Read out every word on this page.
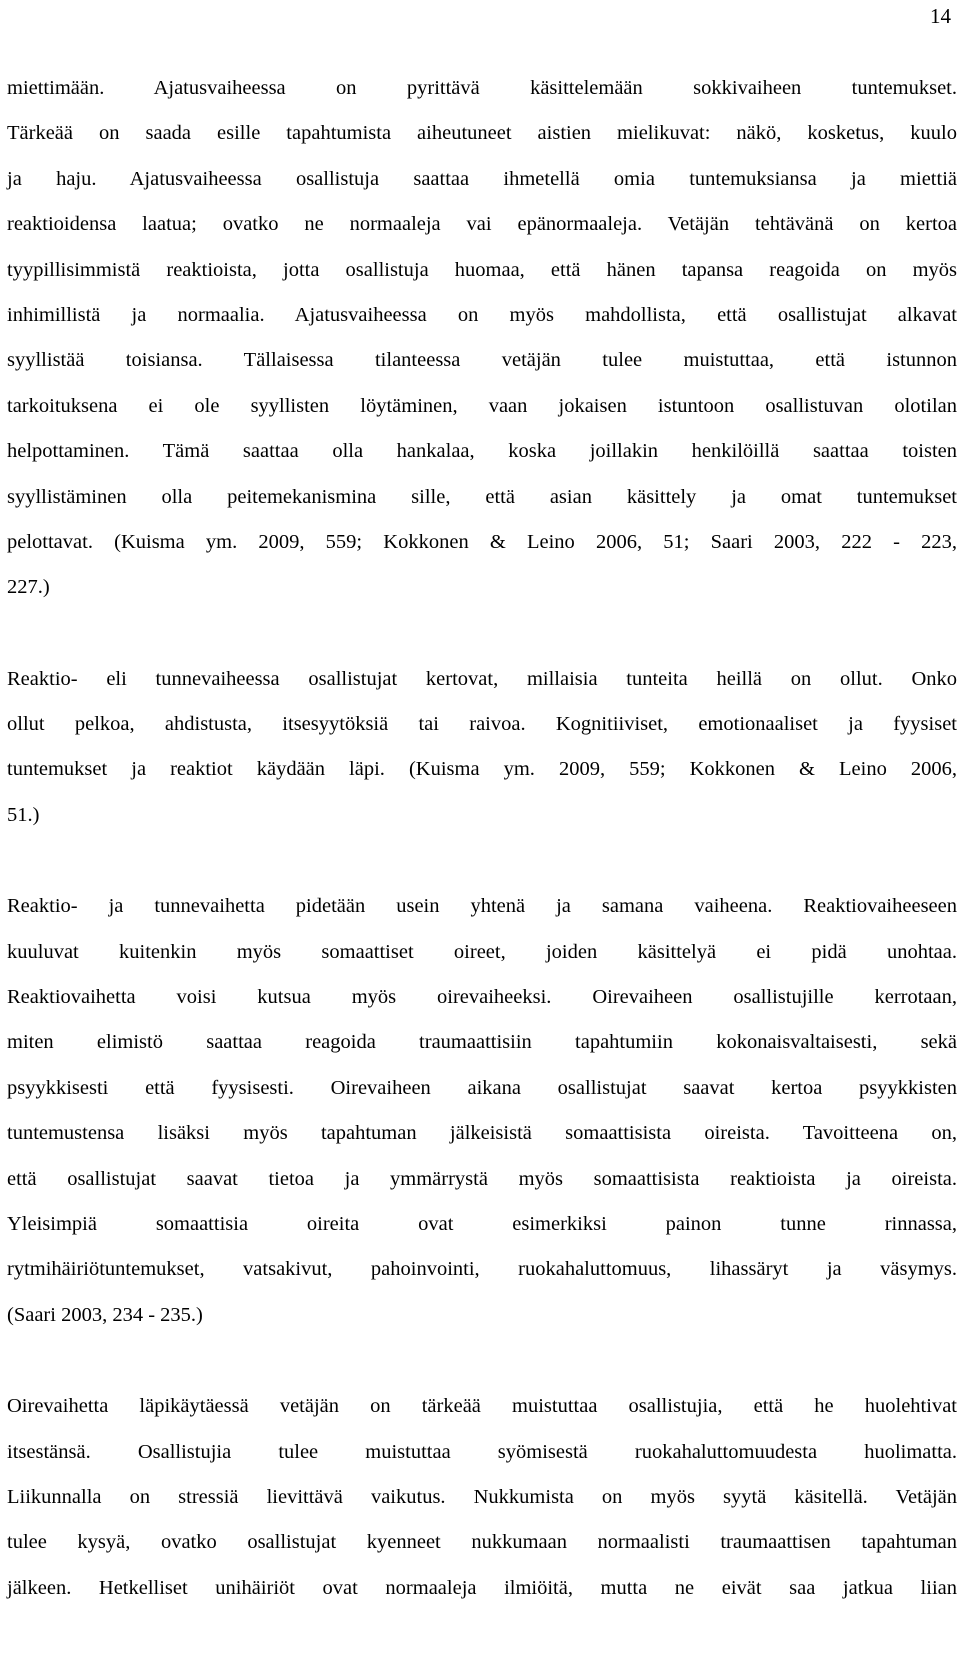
14
miettimään. Ajatusvaiheessa on pyrittävä käsittelemään sokkivaiheen tuntemukset.
Tärkeää on saada esille tapahtumista aiheutuneet aistien mielikuvat: näkö, kosketus, kuulo
ja haju. Ajatusvaiheessa osallistuja saattaa ihmetellä omia tuntemuksiansa ja miettiä
reaktioidensa laatua; ovatko ne normaaleja vai epänormaaleja. Vetäjän tehtävänä on kertoa
tyypillisimmistä reaktioista, jotta osallistuja huomaa, että hänen tapansa reagoida on myös
inhimillistä ja normaalia. Ajatusvaiheessa on myös mahdollista, että osallistujat alkavat
syyllistää toisiansa. Tällaisessa tilanteessa vetäjän tulee muistuttaa, että istunnon
tarkoituksena ei ole syyllisten löytäminen, vaan jokaisen istuntoon osallistuvan olotilan
helpottaminen. Tämä saattaa olla hankalaa, koska joillakin henkilöillä saattaa toisten
syyllistäminen olla peitemekanismina sille, että asian käsittely ja omat tuntemukset
pelottavat. (Kuisma ym. 2009, 559; Kokkonen & Leino 2006, 51; Saari 2003, 222 - 223,
227.)
Reaktio- eli tunnevaiheessa osallistujat kertovat, millaisia tunteita heillä on ollut. Onko
ollut pelkoa, ahdistusta, itsesyytöksiä tai raivoa. Kognitiiviset, emotionaaliset ja fyysiset
tuntemukset ja reaktiot käydään läpi. (Kuisma ym. 2009, 559; Kokkonen & Leino 2006,
51.)
Reaktio- ja tunnevaihetta pidetään usein yhtenä ja samana vaiheena. Reaktiovaiheeseen
kuuluvat kuitenkin myös somaattiset oireet, joiden käsittelyä ei pidä unohtaa.
Reaktiovaihetta voisi kutsua myös oirevaiheeksi. Oirevaiheen osallistujille kerrotaan,
miten elimistö saattaa reagoida traumaattisiin tapahtumiin kokonaisvaltaisesti, sekä
psyykkisesti että fyysisesti. Oirevaiheen aikana osallistujat saavat kertoa psyykkisten
tuntemustensa lisäksi myös tapahtuman jälkeisistä somaattisista oireista. Tavoitteena on,
että osallistujat saavat tietoa ja ymmärrystä myös somaattisista reaktioista ja oireista.
Yleisimpiä somaattisia oireita ovat esimerkiksi painon tunne rinnassa,
rytmihäiriötuntemukset, vatsakivut, pahoinvointi, ruokahaluttomuus, lihassäryt ja väsymys.
(Saari 2003, 234 - 235.)
Oirevaihetta läpikäytäessä vetäjän on tärkeää muistuttaa osallistujia, että he huolehtivat
itsestänsä. Osallistujia tulee muistuttaa syömisestä ruokahaluttomuudesta huolimatta.
Liikunnalla on stressiä lievittävä vaikutus. Nukkumista on myös syytä käsitellä. Vetäjän
tulee kysyä, ovatko osallistujat kyenneet nukkumaan normaalisti traumaattisen tapahtuman
jälkeen. Hetkelliset unihäiriöt ovat normaaleja ilmiöitä, mutta ne eivät saa jatkua liian
